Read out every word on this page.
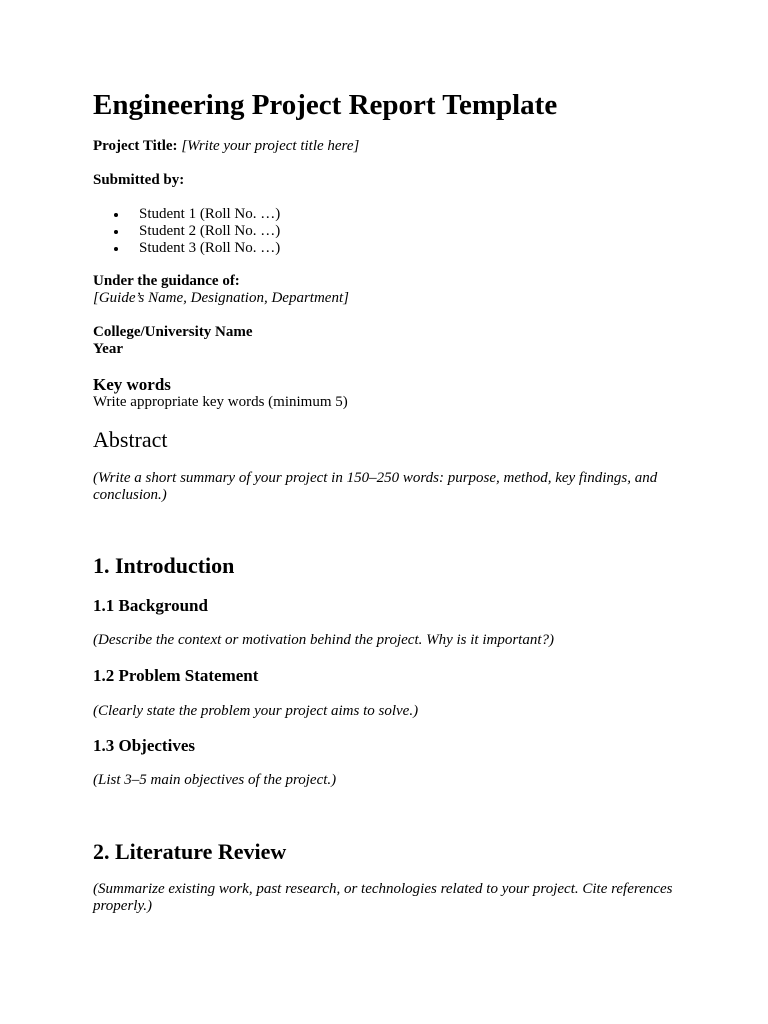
Engineering Project Report Template
Project Title: [Write your project title here]
Submitted by:
Student 1 (Roll No. …)
Student 2 (Roll No. …)
Student 3 (Roll No. …)
Under the guidance of:
[Guide’s Name, Designation, Department]
College/University Name
Year
Key words
Write appropriate key words (minimum 5)
Abstract
(Write a short summary of your project in 150–250 words: purpose, method, key findings, and conclusion.)
1. Introduction
1.1 Background
(Describe the context or motivation behind the project. Why is it important?)
1.2 Problem Statement
(Clearly state the problem your project aims to solve.)
1.3 Objectives
(List 3–5 main objectives of the project.)
2. Literature Review
(Summarize existing work, past research, or technologies related to your project. Cite references properly.)
